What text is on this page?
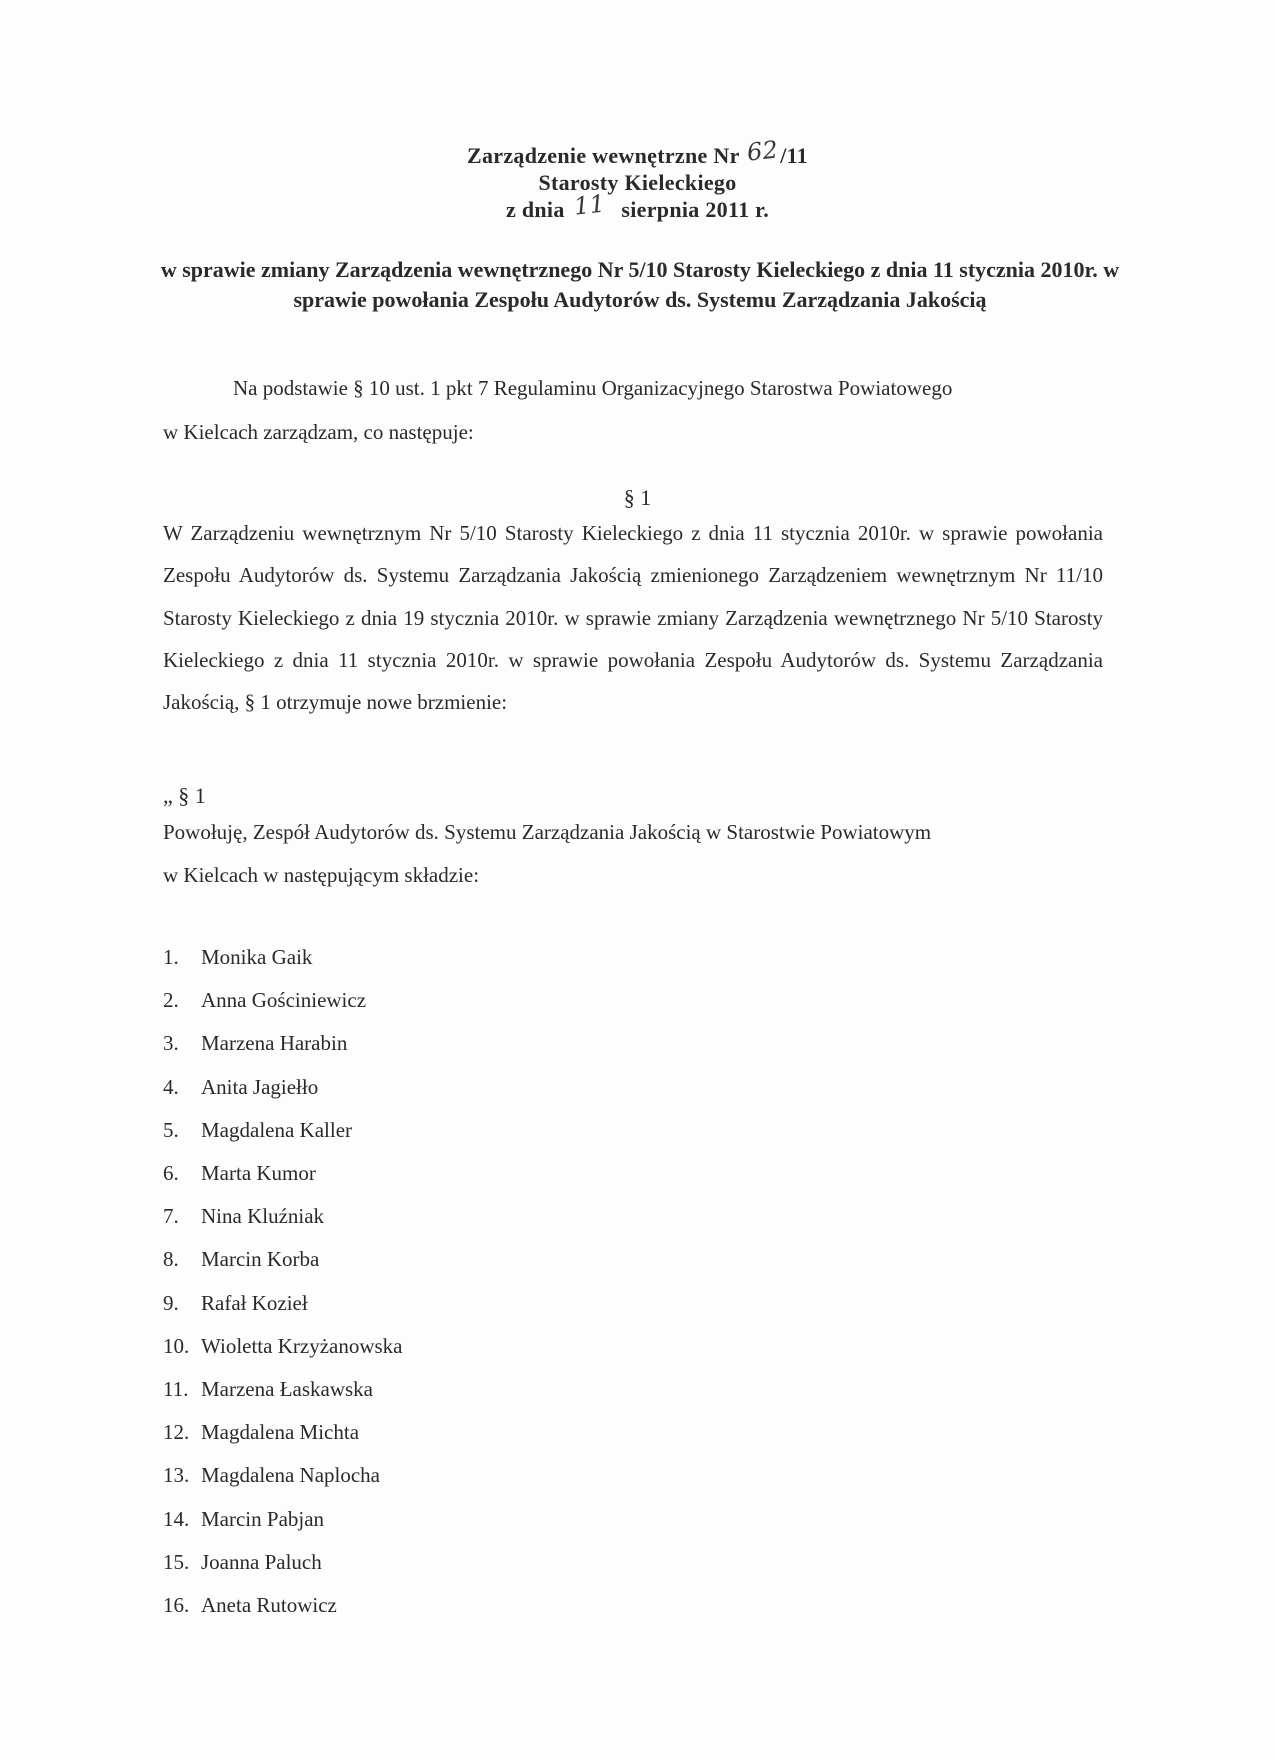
Zarządzenie wewnętrzne Nr 62/11
Starosty Kieleckiego
z dnia 11 sierpnia 2011 r.
w sprawie zmiany Zarządzenia wewnętrznego Nr 5/10 Starosty Kieleckiego z dnia 11 stycznia 2010r. w sprawie powołania Zespołu Audytorów ds. Systemu Zarządzania Jakością
Na podstawie § 10 ust. 1 pkt 7 Regulaminu Organizacyjnego Starostwa Powiatowego
w Kielcach zarządzam, co następuje:
§ 1

W Zarządzeniu wewnętrznym Nr 5/10 Starosty Kieleckiego z dnia 11 stycznia 2010r. w sprawie powołania Zespołu Audytorów ds. Systemu Zarządzania Jakością zmienionego Zarządzeniem wewnętrznym Nr 11/10 Starosty Kieleckiego z dnia 19 stycznia 2010r. w sprawie zmiany Zarządzenia wewnętrznego Nr 5/10 Starosty Kieleckiego z dnia 11 stycznia 2010r. w sprawie powołania Zespołu Audytorów ds. Systemu Zarządzania Jakością, § 1 otrzymuje nowe brzmienie:

„ § 1
Powołuję, Zespół Audytorów ds. Systemu Zarządzania Jakością w Starostwie Powiatowym
w Kielcach w następującym składzie:
1.	Monika Gaik
2.	Anna Gościniewicz
3.	Marzena Harabin
4.	Anita Jagiełło
5.	Magdalena Kaller
6.	Marta Kumor
7.	Nina Kluźniak
8.	Marcin Korba
9.	Rafał Kozieł
10. Wioletta Krzyżanowska
11. Marzena Łaskawska
12. Magdalena Michta
13. Magdalena Naplocha
14. Marcin Pabjan
15. Joanna Paluch
16. Aneta Rutowicz
